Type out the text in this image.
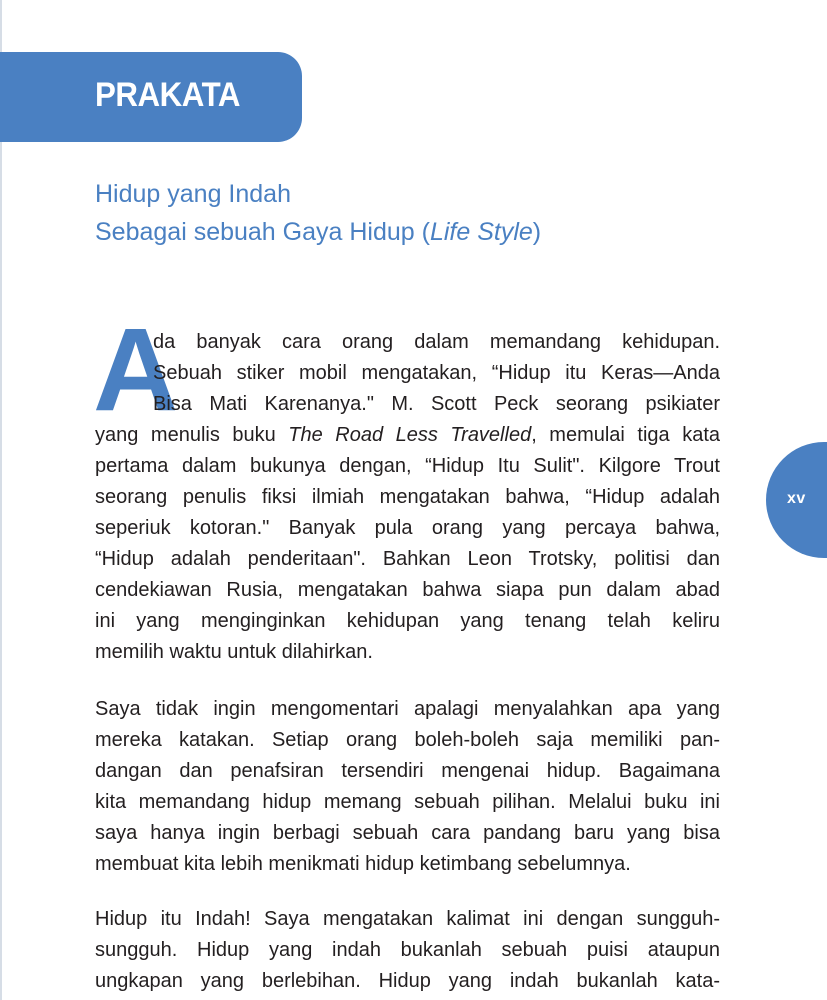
PRAKATA
Hidup yang Indah
Sebagai sebuah Gaya Hidup (Life Style)
xv
A
da banyak cara orang dalam memandang kehidupan.
Sebuah stiker mobil mengatakan, “Hidup itu Keras—Anda
Bisa Mati Karenanya." M. Scott Peck seorang psikiater
yang menulis buku The Road Less Travelled, memulai tiga kata
pertama dalam bukunya dengan, “Hidup Itu Sulit". Kilgore Trout
seorang penulis fiksi ilmiah mengatakan bahwa, “Hidup adalah
seperiuk kotoran." Banyak pula orang yang percaya bahwa,
“Hidup adalah penderitaan". Bahkan Leon Trotsky, politisi dan
cendekiawan Rusia, mengatakan bahwa siapa pun dalam abad
ini yang menginginkan kehidupan yang tenang telah keliru
memilih waktu untuk dilahirkan.
Saya tidak ingin mengomentari apalagi menyalahkan apa yang
mereka katakan. Setiap orang boleh-boleh saja memiliki pan-
dangan dan penafsiran tersendiri mengenai hidup. Bagaimana
kita memandang hidup memang sebuah pilihan. Melalui buku ini
saya hanya ingin berbagi sebuah cara pandang baru yang bisa
membuat kita lebih menikmati hidup ketimbang sebelumnya.
Hidup itu Indah! Saya mengatakan kalimat ini dengan sungguh-
sungguh. Hidup yang indah bukanlah sebuah puisi ataupun
ungkapan yang berlebihan. Hidup yang indah bukanlah kata-
